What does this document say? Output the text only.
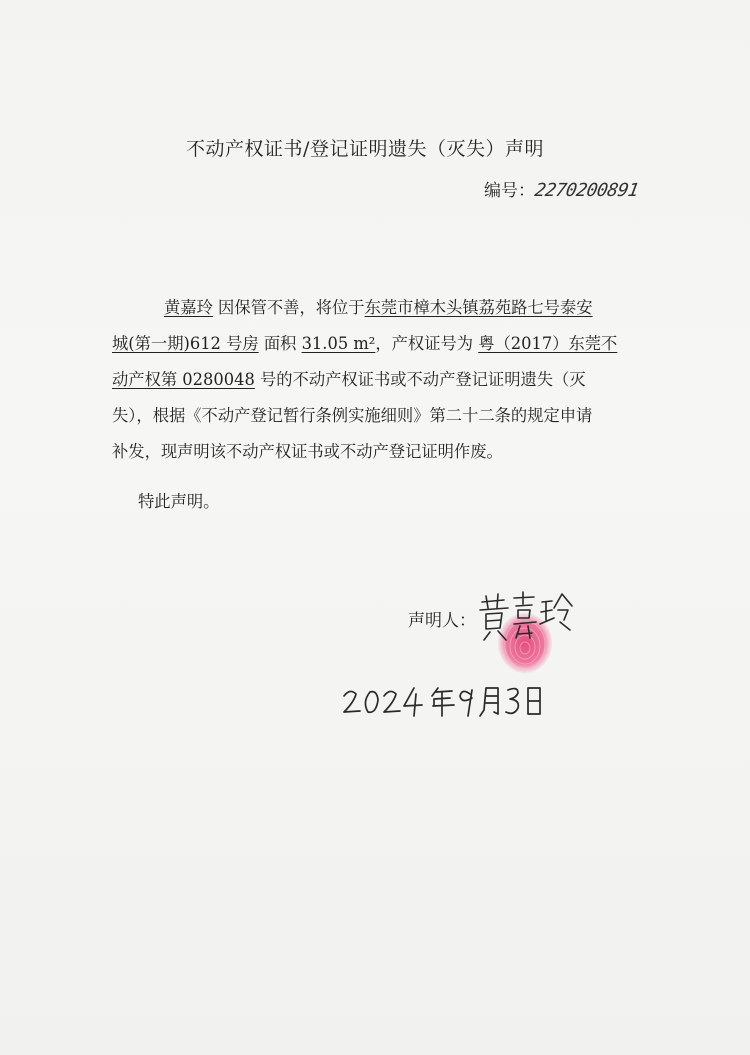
不动产权证书/登记证明遗失（灭失）声明
编号：2270200891
黄嘉玲 因保管不善，将位于东莞市樟木头镇荔苑路七号泰安
城(第一期)612 号房 面积 31.05 m²，产权证号为 粤（2017）东莞不
动产权第 0280048 号的不动产权证书或不动产登记证明遗失（灭
失），根据《不动产登记暂行条例实施细则》第二十二条的规定申请
补发，现声明该不动产权证书或不动产登记证明作废。
特此声明。
声明人：
